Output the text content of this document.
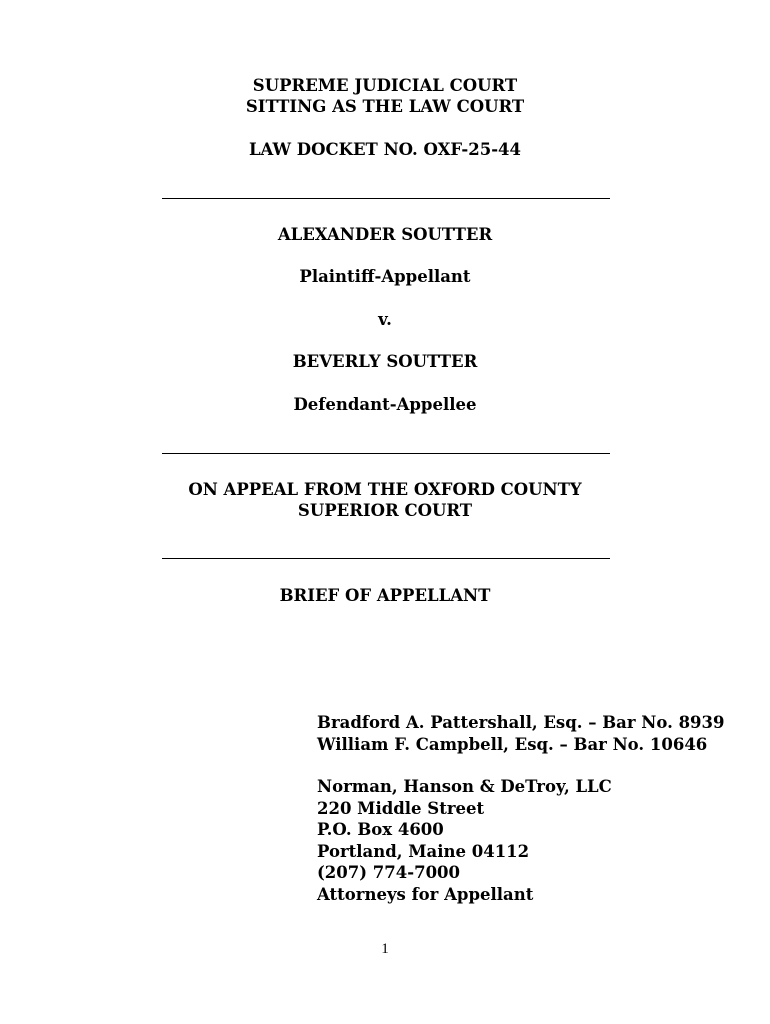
SUPREME JUDICIAL COURT
SITTING AS THE LAW COURT
LAW DOCKET NO. OXF-25-44
ALEXANDER SOUTTER
Plaintiff-Appellant
v.
BEVERLY SOUTTER
Defendant-Appellee
ON APPEAL FROM THE OXFORD COUNTY SUPERIOR COURT
BRIEF OF APPELLANT
Bradford A. Pattershall, Esq. – Bar No. 8939
William F. Campbell, Esq. – Bar No. 10646
Norman, Hanson & DeTroy, LLC
220 Middle Street
P.O. Box 4600
Portland, Maine 04112
(207) 774-7000
Attorneys for Appellant
1
